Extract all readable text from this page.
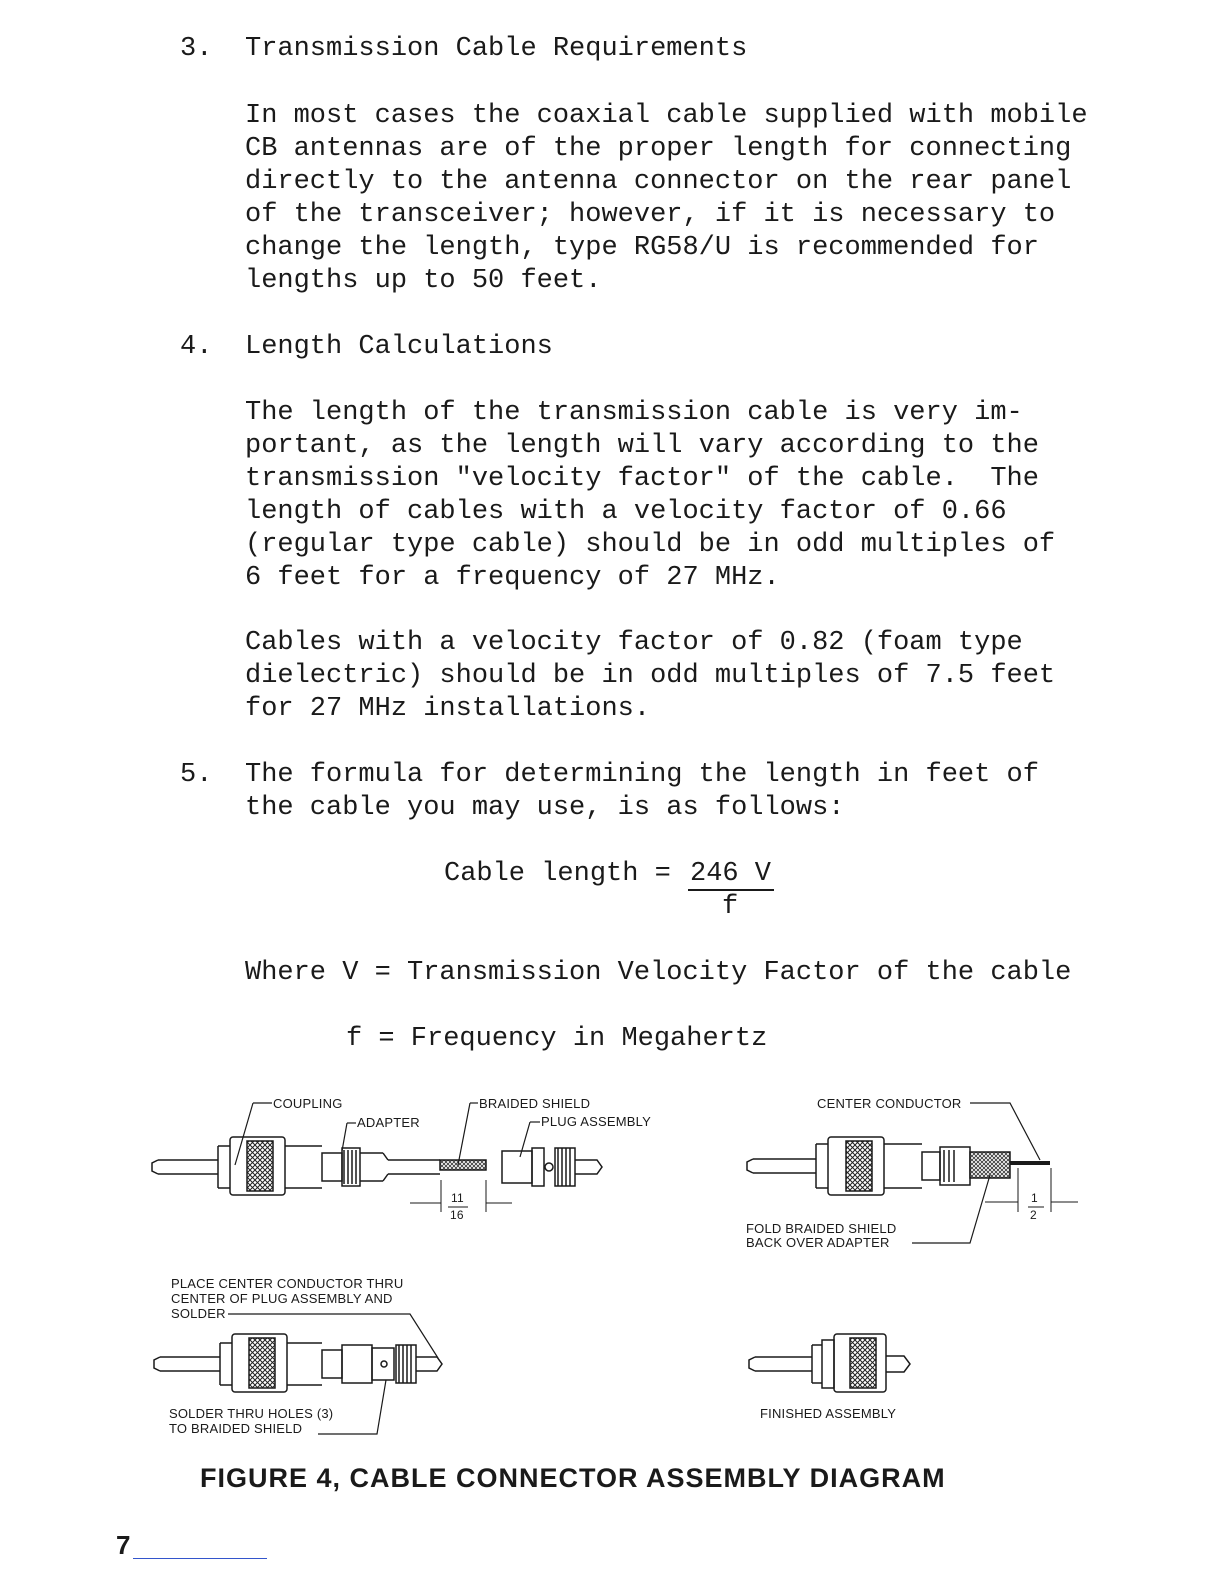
3. Transmission Cable Requirements

In most cases the coaxial cable supplied with mobile

CB antennas are of the proper length for connecting

directly to the antenna connector on the rear panel

of the transceiver; however, if it is necessary to

change the length, type RG58/U is recommended for

lengths up to 50 feet.

4. Length Calculations

The length of the transmission cable is very im-

portant, as the length will vary according to the

transmission "velocity factor" of the cable.  The

length of cables with a velocity factor of 0.66

(regular type cable) should be in odd multiples of

6 feet for a frequency of 27 MHz.

Cables with a velocity factor of 0.82 (foam type

dielectric) should be in odd multiples of 7.5 feet

for 27 MHz installations.

5. The formula for determining the length in feet of

the cable you may use, is as follows:

Cable length = 246 V

f

Where V = Transmission Velocity Factor of the cable

f = Frequency in Megahertz

COUPLING

ADAPTER

BRAIDED SHIELD

PLUG ASSEMBLY

11

16

CENTER CONDUCTOR

1

2

FOLD BRAIDED SHIELD

BACK OVER ADAPTER

PLACE CENTER CONDUCTOR THRU

CENTER OF PLUG ASSEMBLY AND

SOLDER

SOLDER THRU HOLES (3)

TO BRAIDED SHIELD

FINISHED ASSEMBLY

FIGURE 4, CABLE CONNECTOR ASSEMBLY DIAGRAM

7
